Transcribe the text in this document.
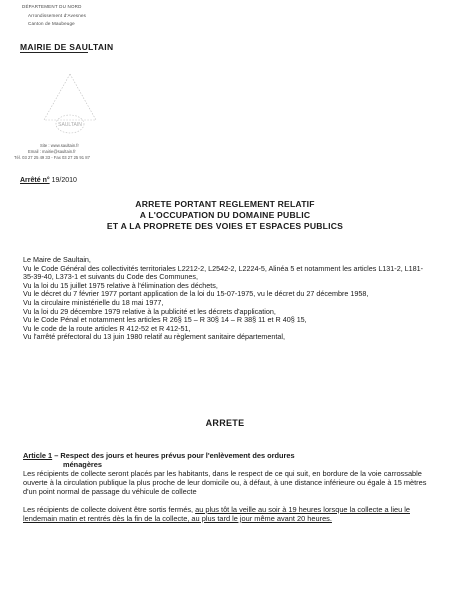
DÉPARTEMENT DU NORD
Arrondissement d'Avesnes
Canton de Maubeuge
MAIRIE DE SAULTAIN
SAULTAIN
Site : www.saultain.fr
Email : mairie@saultain.fr
Tél. 03 27 25 49 33 - Fax 03 27 25 91 87
Arrêté n° 19/2010
ARRETE PORTANT REGLEMENT RELATIF
A L'OCCUPATION DU DOMAINE PUBLIC
ET A LA PROPRETE DES VOIES ET ESPACES PUBLICS

Le Maire de Saultain,

Vu le Code Général des collectivités territoriales L2212-2, L2542-2, L2224-5, Alinéa 5 et notamment les articles L131-2, L181-35-39-40, L373-1 et suivants du Code des Communes,

Vu la loi du 15 juillet 1975 relative à l'élimination des déchets,

Vu le décret du 7 février 1977 portant application de la loi du 15-07-1975, vu le décret du 27 décembre 1958,

Vu la circulaire ministérielle du 18 mai 1977,

Vu la loi du 29 décembre 1979 relative à la publicité et les décrets d'application,

Vu le Code Pénal et notamment les articles R 26§ 15 – R 30§ 14 – R 38§ 11 et R 40§ 15,

Vu le code de la route articles R 412-52 et R 412-51,

Vu l'arrêté préfectoral du 13 juin 1980 relatif au règlement sanitaire départemental,

ARRETE
Article 1 – Respect des jours et heures prévus pour l'enlèvement des ordures
ménagères

Les récipients de collecte seront placés par les habitants, dans le respect de ce qui suit, en bordure de la voie carrossable ouverte à la circulation publique la plus proche de leur domicile ou, à défaut, à une distance inférieure ou égale à 15 mètres d'un point normal de passage du véhicule de collecte

Les récipients de collecte doivent être sortis fermés, au plus tôt la veille au soir à 19 heures lorsque la collecte a lieu le lendemain matin et rentrés dès la fin de la collecte, au plus tard le jour même avant 20 heures.
